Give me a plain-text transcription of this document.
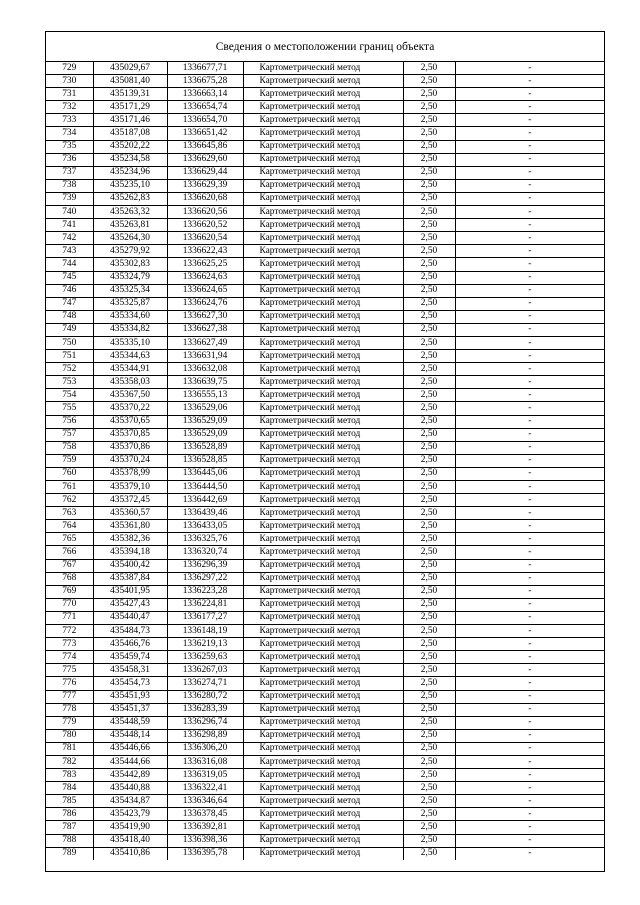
Сведения о местоположении границ объекта
729	435029,67	1336677,71	Картометрический метод	2,50	-
730	435081,40	1336675,28	Картометрический метод	2,50	-
731	435139,31	1336663,14	Картометрический метод	2,50	-
732	435171,29	1336654,74	Картометрический метод	2,50	-
733	435171,46	1336654,70	Картометрический метод	2,50	-
734	435187,08	1336651,42	Картометрический метод	2,50	-
735	435202,22	1336645,86	Картометрический метод	2,50	-
736	435234,58	1336629,60	Картометрический метод	2,50	-
737	435234,96	1336629,44	Картометрический метод	2,50	-
738	435235,10	1336629,39	Картометрический метод	2,50	-
739	435262,83	1336620,68	Картометрический метод	2,50	-
740	435263,32	1336620,56	Картометрический метод	2,50	-
741	435263,81	1336620,52	Картометрический метод	2,50	-
742	435264,30	1336620,54	Картометрический метод	2,50	-
743	435279,92	1336622,43	Картометрический метод	2,50	-
744	435302,83	1336625,25	Картометрический метод	2,50	-
745	435324,79	1336624,63	Картометрический метод	2,50	-
746	435325,34	1336624,65	Картометрический метод	2,50	-
747	435325,87	1336624,76	Картометрический метод	2,50	-
748	435334,60	1336627,30	Картометрический метод	2,50	-
749	435334,82	1336627,38	Картометрический метод	2,50	-
750	435335,10	1336627,49	Картометрический метод	2,50	-
751	435344,63	1336631,94	Картометрический метод	2,50	-
752	435344,91	1336632,08	Картометрический метод	2,50	-
753	435358,03	1336639,75	Картометрический метод	2,50	-
754	435367,50	1336555,13	Картометрический метод	2,50	-
755	435370,22	1336529,06	Картометрический метод	2,50	-
756	435370,65	1336529,09	Картометрический метод	2,50	-
757	435370,85	1336529,09	Картометрический метод	2,50	-
758	435370,86	1336528,89	Картометрический метод	2,50	-
759	435370,24	1336528,85	Картометрический метод	2,50	-
760	435378,99	1336445,06	Картометрический метод	2,50	-
761	435379,10	1336444,50	Картометрический метод	2,50	-
762	435372,45	1336442,69	Картометрический метод	2,50	-
763	435360,57	1336439,46	Картометрический метод	2,50	-
764	435361,80	1336433,05	Картометрический метод	2,50	-
765	435382,36	1336325,76	Картометрический метод	2,50	-
766	435394,18	1336320,74	Картометрический метод	2,50	-
767	435400,42	1336296,39	Картометрический метод	2,50	-
768	435387,84	1336297,22	Картометрический метод	2,50	-
769	435401,95	1336223,28	Картометрический метод	2,50	-
770	435427,43	1336224,81	Картометрический метод	2,50	-
771	435440,47	1336177,27	Картометрический метод	2,50	-
772	435484,73	1336148,19	Картометрический метод	2,50	-
773	435466,76	1336219,13	Картометрический метод	2,50	-
774	435459,74	1336259,63	Картометрический метод	2,50	-
775	435458,31	1336267,03	Картометрический метод	2,50	-
776	435454,73	1336274,71	Картометрический метод	2,50	-
777	435451,93	1336280,72	Картометрический метод	2,50	-
778	435451,37	1336283,39	Картометрический метод	2,50	-
779	435448,59	1336296,74	Картометрический метод	2,50	-
780	435448,14	1336298,89	Картометрический метод	2,50	-
781	435446,66	1336306,20	Картометрический метод	2,50	-
782	435444,66	1336316,08	Картометрический метод	2,50	-
783	435442,89	1336319,05	Картометрический метод	2,50	-
784	435440,88	1336322,41	Картометрический метод	2,50	-
785	435434,87	1336346,64	Картометрический метод	2,50	-
786	435423,79	1336378,45	Картометрический метод	2,50	-
787	435419,90	1336392,81	Картометрический метод	2,50	-
788	435418,40	1336398,36	Картометрический метод	2,50	-
789	435410,86	1336395,78	Картометрический метод	2,50	-
